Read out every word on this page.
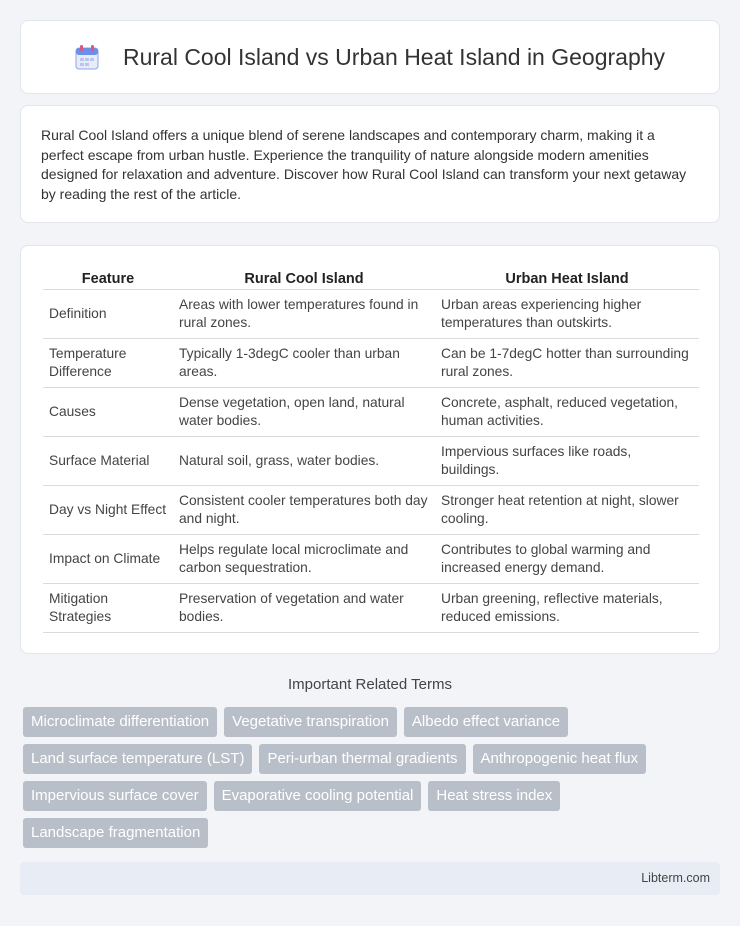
Rural Cool Island vs Urban Heat Island in Geography

Rural Cool Island offers a unique blend of serene landscapes and contemporary charm, making it a perfect escape from urban hustle. Experience the tranquility of nature alongside modern amenities designed for relaxation and adventure. Discover how Rural Cool Island can transform your next getaway by reading the rest of the article.

Feature	Rural Cool Island	Urban Heat Island
Definition	Areas with lower temperatures found in rural zones.	Urban areas experiencing higher temperatures than outskirts.
Temperature Difference	Typically 1-3degC cooler than urban areas.	Can be 1-7degC hotter than surrounding rural zones.
Causes	Dense vegetation, open land, natural water bodies.	Concrete, asphalt, reduced vegetation, human activities.
Surface Material	Natural soil, grass, water bodies.	Impervious surfaces like roads, buildings.
Day vs Night Effect	Consistent cooler temperatures both day and night.	Stronger heat retention at night, slower cooling.
Impact on Climate	Helps regulate local microclimate and carbon sequestration.	Contributes to global warming and increased energy demand.
Mitigation Strategies	Preservation of vegetation and water bodies.	Urban greening, reflective materials, reduced emissions.
Important Related Terms
Microclimate differentiation	Vegetative transpiration	Albedo effect variance
Land surface temperature (LST)	Peri-urban thermal gradients	Anthropogenic heat flux
Impervious surface cover	Evaporative cooling potential	Heat stress index
Landscape fragmentation
Libterm.com
